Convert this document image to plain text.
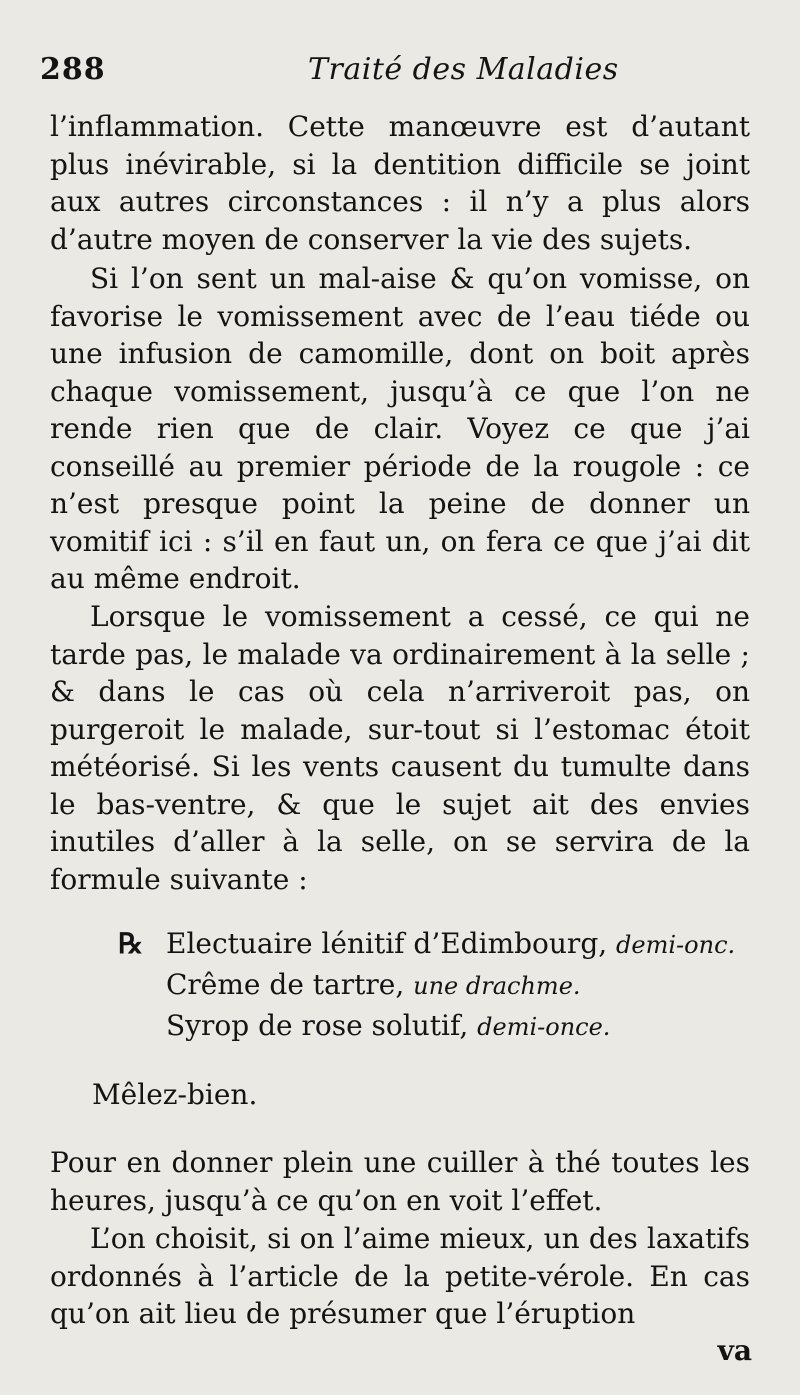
288	Traité des Maladies

l’inflammation. Cette manœuvre est d’autant plus inévirable, si la dentition difficile se joint aux autres circonstances : il n’y a plus alors d’autre moyen de conserver la vie des sujets.

Si l’on sent un mal-aise & qu’on vomisse, on favorise le vomissement avec de l’eau tiéde ou une infusion de camomille, dont on boit après chaque vomissement, jusqu’à ce que l’on ne rende rien que de clair. Voyez ce que j’ai conseillé au premier période de la rougole : ce n’est presque point la peine de donner un vomitif ici : s’il en faut un, on fera ce que j’ai dit au même endroit.

Lorsque le vomissement a cessé, ce qui ne tarde pas, le malade va ordinairement à la selle ; & dans le cas où cela n’arriveroit pas, on purgeroit le malade, sur-tout si l’estomac étoit météorisé. Si les vents causent du tumulte dans le bas-ventre, & que le sujet ait des envies inutiles d’aller à la selle, on se servira de la formule suivante :

℞ Electuaire lénitif d’Edimbourg, demi-onc.
Crême de tartre, une drachme.
Syrop de rose solutif, demi-once.
Mêlez-bien.

Pour en donner plein une cuiller à thé toutes les heures, jusqu’à ce qu’on en voit l’effet.

L’on choisit, si on l’aime mieux, un des laxatifs ordonnés à l’article de la petite-vérole. En cas qu’on ait lieu de présumer que l’éruption

va
